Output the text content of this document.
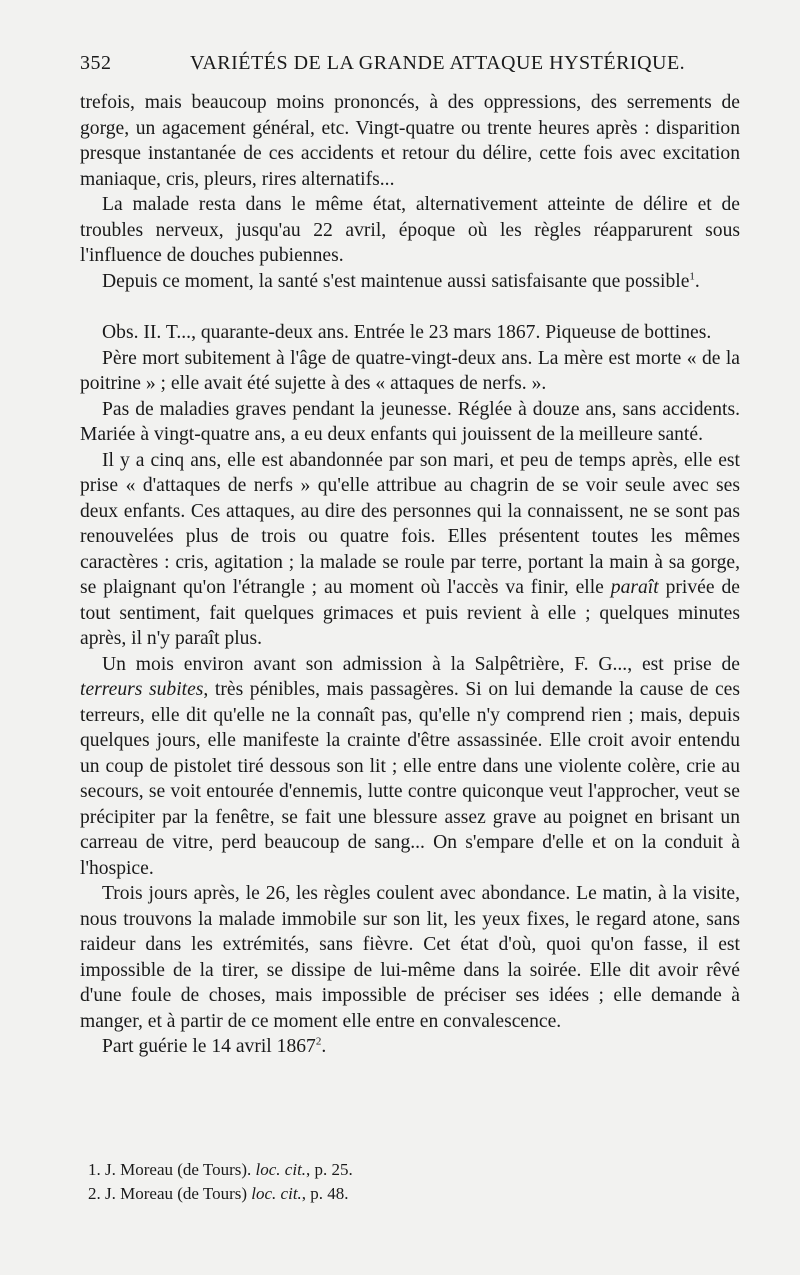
352	VARIÉTÉS DE LA GRANDE ATTAQUE HYSTÉRIQUE.

trefois, mais beaucoup moins prononcés, à des oppressions, des serrements de gorge, un agacement général, etc. Vingt-quatre ou trente heures après : disparition presque instantanée de ces accidents et retour du délire, cette fois avec excitation maniaque, cris, pleurs, rires alternatifs...

La malade resta dans le même état, alternativement atteinte de délire et de troubles nerveux, jusqu'au 22 avril, époque où les règles réapparurent sous l'influence de douches pubiennes.

Depuis ce moment, la santé s'est maintenue aussi satisfaisante que possible$^1$.

Obs. II. T..., quarante-deux ans. Entrée le 23 mars 1867. Piqueuse de bottines.

Père mort subitement à l'âge de quatre-vingt-deux ans. La mère est morte « de la poitrine » ; elle avait été sujette à des « attaques de nerfs. ».

Pas de maladies graves pendant la jeunesse. Réglée à douze ans, sans accidents. Mariée à vingt-quatre ans, a eu deux enfants qui jouissent de la meilleure santé.

Il y a cinq ans, elle est abandonnée par son mari, et peu de temps après, elle est prise « d'attaques de nerfs » qu'elle attribue au chagrin de se voir seule avec ses deux enfants. Ces attaques, au dire des personnes qui la connaissent, ne se sont pas renouvelées plus de trois ou quatre fois. Elles présentent toutes les mêmes caractères : cris, agitation ; la malade se roule par terre, portant la main à sa gorge, se plaignant qu'on l'étrangle ; au moment où l'accès va finir, elle paraît privée de tout sentiment, fait quelques grimaces et puis revient à elle ; quelques minutes après, il n'y paraît plus.

Un mois environ avant son admission à la Salpêtrière, F. G..., est prise de terreurs subites, très pénibles, mais passagères. Si on lui demande la cause de ces terreurs, elle dit qu'elle ne la connaît pas, qu'elle n'y comprend rien ; mais, depuis quelques jours, elle manifeste la crainte d'être assassinée. Elle croit avoir entendu un coup de pistolet tiré dessous son lit ; elle entre dans une violente colère, crie au secours, se voit entourée d'ennemis, lutte contre quiconque veut l'approcher, veut se précipiter par la fenêtre, se fait une blessure assez grave au poignet en brisant un carreau de vitre, perd beaucoup de sang... On s'empare d'elle et on la conduit à l'hospice.

Trois jours après, le 26, les règles coulent avec abondance. Le matin, à la visite, nous trouvons la malade immobile sur son lit, les yeux fixes, le regard atone, sans raideur dans les extrémités, sans fièvre. Cet état d'où, quoi qu'on fasse, il est impossible de la tirer, se dissipe de lui-même dans la soirée. Elle dit avoir rêvé d'une foule de choses, mais impossible de préciser ses idées ; elle demande à manger, et à partir de ce moment elle entre en convalescence.

Part guérie le 14 avril 1867$^2$.

1. J. Moreau (de Tours). loc. cit., p. 25.
2. J. Moreau (de Tours) loc. cit., p. 48.
